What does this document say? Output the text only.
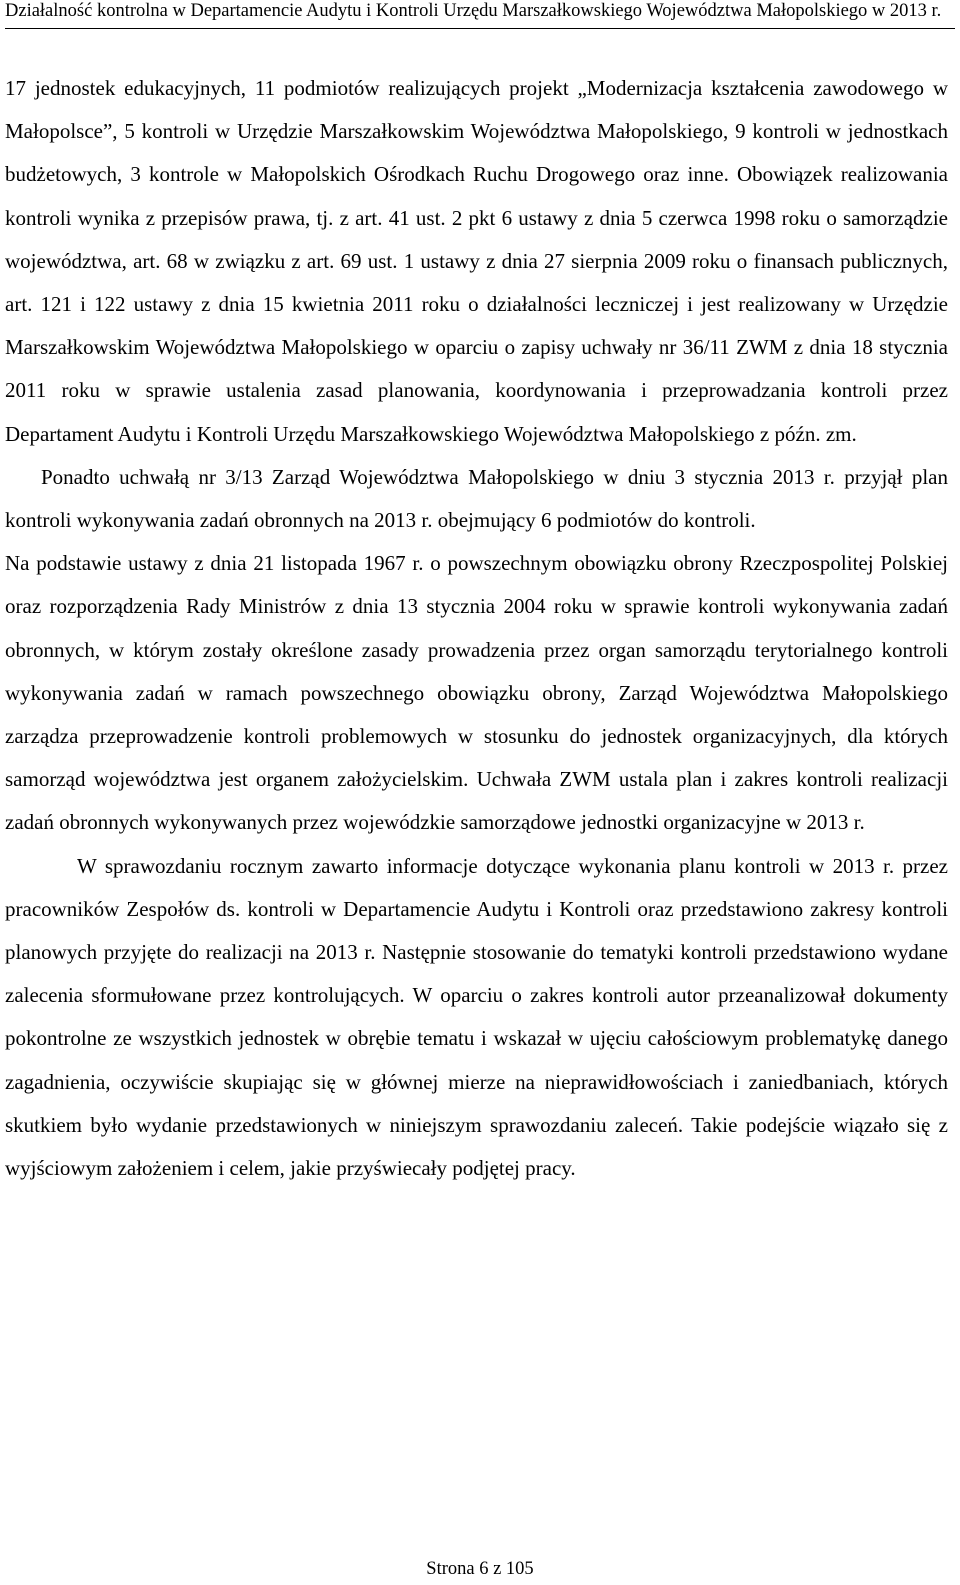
Działalność kontrolna w Departamencie Audytu i Kontroli Urzędu Marszałkowskiego Województwa Małopolskiego w 2013 r.

17 jednostek edukacyjnych, 11 podmiotów realizujących projekt „Modernizacja kształcenia zawodowego w Małopolsce”, 5 kontroli w Urzędzie Marszałkowskim Województwa Małopolskiego, 9 kontroli w jednostkach budżetowych, 3 kontrole w Małopolskich Ośrodkach Ruchu Drogowego oraz inne. Obowiązek realizowania kontroli wynika z przepisów prawa, tj. z art. 41 ust. 2 pkt 6 ustawy z dnia 5 czerwca 1998 roku o samorządzie województwa, art. 68 w związku z art. 69 ust. 1 ustawy z dnia 27 sierpnia 2009 roku o finansach publicznych, art. 121 i 122 ustawy z dnia 15 kwietnia 2011 roku o działalności leczniczej i jest realizowany w Urzędzie Marszałkowskim Województwa Małopolskiego w oparciu o zapisy uchwały nr 36/11 ZWM z dnia 18 stycznia 2011 roku w sprawie ustalenia zasad planowania, koordynowania i przeprowadzania kontroli przez Departament Audytu i Kontroli Urzędu Marszałkowskiego Województwa Małopolskiego z późn. zm.

Ponadto uchwałą nr 3/13 Zarząd Województwa Małopolskiego w dniu 3 stycznia 2013 r. przyjął plan kontroli wykonywania zadań obronnych na 2013 r. obejmujący 6 podmiotów do kontroli.

Na podstawie ustawy z dnia 21 listopada 1967 r. o powszechnym obowiązku obrony Rzeczpospolitej Polskiej oraz rozporządzenia Rady Ministrów z dnia 13 stycznia 2004 roku w sprawie kontroli wykonywania zadań obronnych, w którym zostały określone zasady prowadzenia przez organ samorządu terytorialnego kontroli wykonywania zadań w ramach powszechnego obowiązku obrony, Zarząd Województwa Małopolskiego zarządza przeprowadzenie kontroli problemowych w stosunku do jednostek organizacyjnych, dla których samorząd województwa jest organem założycielskim. Uchwała ZWM ustala plan i zakres kontroli realizacji zadań obronnych wykonywanych przez wojewódzkie samorządowe jednostki organizacyjne w 2013 r.

W sprawozdaniu rocznym zawarto informacje dotyczące wykonania planu kontroli w 2013 r. przez pracowników Zespołów ds. kontroli w Departamencie Audytu i Kontroli oraz przedstawiono zakresy kontroli planowych przyjęte do realizacji na 2013 r. Następnie stosowanie do tematyki kontroli przedstawiono wydane zalecenia sformułowane przez kontrolujących. W oparciu o zakres kontroli autor przeanalizował dokumenty pokontrolne ze wszystkich jednostek w obrębie tematu i wskazał w ujęciu całościowym problematykę danego zagadnienia, oczywiście skupiając się w głównej mierze na nieprawidłowościach i zaniedbaniach, których skutkiem było wydanie przedstawionych w niniejszym sprawozdaniu zaleceń. Takie podejście wiązało się z wyjściowym założeniem i celem, jakie przyświecały podjętej pracy.

Strona 6 z 105
